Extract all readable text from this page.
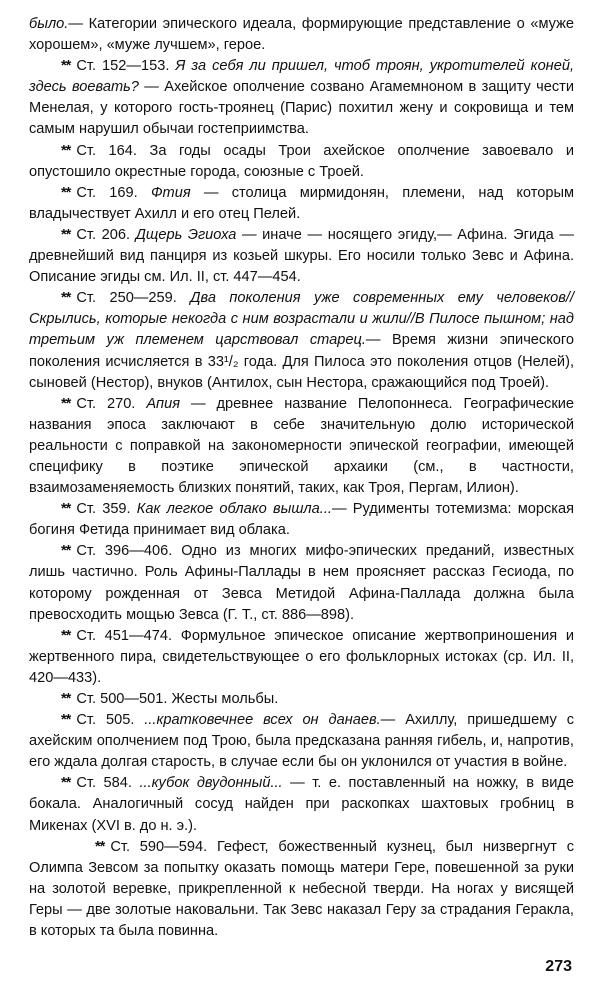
было.— Категории эпического идеала, формирующие представление о «муже хорошем», «муже лучшем», герое.

** Ст. 152—153. Я за себя ли пришел, чтоб троян, укротителей коней, здесь воевать? — Ахейское ополчение созвано Агамемноном в защиту чести Менелая, у которого гость-троянец (Парис) похитил жену и сокровища и тем самым нарушил обычаи гостеприимства.

** Ст. 164. За годы осады Трои ахейское ополчение завоевало и опустошило окрестные города, союзные с Троей.

** Ст. 169. Фтия — столица мирмидонян, племени, над которым владычествует Ахилл и его отец Пелей.

** Ст. 206. Дщерь Эгиоха — иначе — носящего эгиду,— Афина. Эгида — древнейший вид панциря из козьей шкуры. Его носили только Зевс и Афина. Описание эгиды см. Ил. II, ст. 447—454.

** Ст. 250—259. Два поколения уже современных ему человеков// Скрылись, которые некогда с ним возрастали и жили//В Пилосе пышном; над третьим уж племенем царствовал старец.— Время жизни эпического поколения исчисляется в 33¹/₂ года. Для Пилоса это поколения отцов (Нелей), сыновей (Нестор), внуков (Антилох, сын Нестора, сражающийся под Троей).

** Ст. 270. Апия — древнее название Пелопоннеса. Географические названия эпоса заключают в себе значительную долю исторической реальности с поправкой на закономерности эпической географии, имеющей специфику в поэтике эпической архаики (см., в частности, взаимозаменяемость близких понятий, таких, как Троя, Пергам, Илион).

** Ст. 359. Как легкое облако вышла...— Рудименты тотемизма: морская богиня Фетида принимает вид облака.

** Ст. 396—406. Одно из многих мифо-эпических преданий, известных лишь частично. Роль Афины-Паллады в нем проясняет рассказ Гесиода, по которому рожденная от Зевса Метидой Афина-Паллада должна была превосходить мощью Зевса (Г. Т., ст. 886—898).

** Ст. 451—474. Формульное эпическое описание жертвоприношения и жертвенного пира, свидетельствующее о его фольклорных истоках (ср. Ил. II, 420—433).

** Ст. 500—501. Жесты мольбы.

** Ст. 505. ...кратковечнее всех он данаев.— Ахиллу, пришедшему с ахейским ополчением под Трою, была предсказана ранняя гибель, и, напротив, его ждала долгая старость, в случае если бы он уклонился от участия в войне.

** Ст. 584. ...кубок двудонный... — т. е. поставленный на ножку, в виде бокала. Аналогичный сосуд найден при раскопках шахтовых гробниц в Микенах (XVI в. до н. э.).

** Ст. 590—594. Гефест, божественный кузнец, был низвергнут с Олимпа Зевсом за попытку оказать помощь матери Гере, повешенной за руки на золотой веревке, прикрепленной к небесной тверди. На ногах у висящей Геры — две золотые наковальни. Так Зевс наказал Геру за страдания Геракла, в которых та была повинна.

273
